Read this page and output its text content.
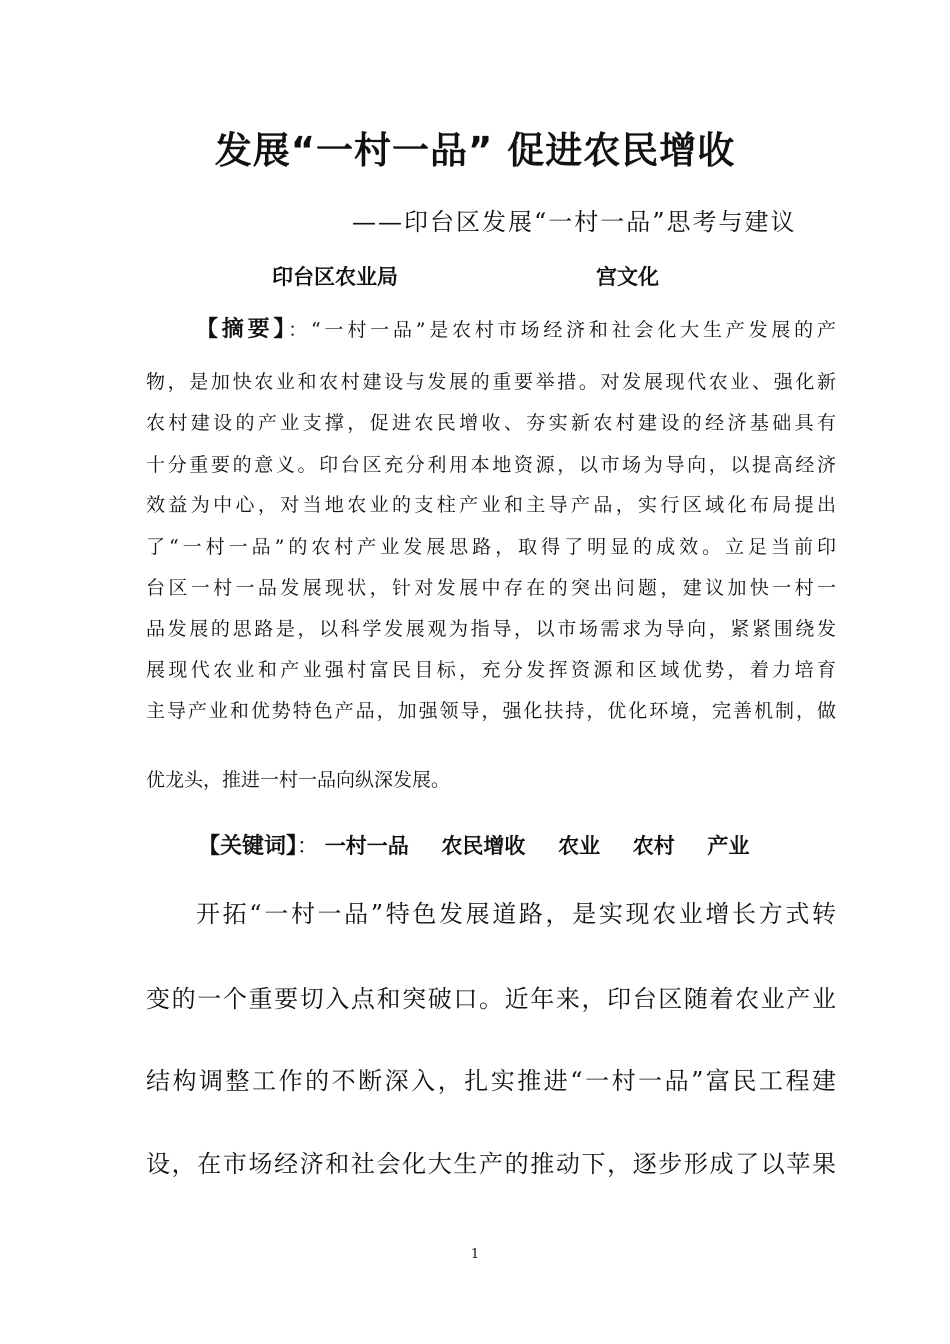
发展“一村一品” 促进农民增收
——印台区发展“一村一品”思考与建议
印台区农业局	宫文化
【摘要】：“一村一品”是农村市场经济和社会化大生产发展的产
物，是加快农业和农村建设与发展的重要举措。对发展现代农业、强化新
农村建设的产业支撑，促进农民增收、夯实新农村建设的经济基础具有
十分重要的意义。印台区充分利用本地资源，以市场为导向，以提高经济
效益为中心，对当地农业的支柱产业和主导产品，实行区域化布局提出
了“一村一品”的农村产业发展思路，取得了明显的成效。立足当前印
台区一村一品发展现状，针对发展中存在的突出问题，建议加快一村一
品发展的思路是，以科学发展观为指导，以市场需求为导向，紧紧围绕发
展现代农业和产业强村富民目标，充分发挥资源和区域优势，着力培育
主导产业和优势特色产品，加强领导，强化扶持，优化环境，完善机制，做
优龙头，推进一村一品向纵深发展。
【关键词】： 一村一品 农民增收 农业 农村 产业
开拓“一村一品”特色发展道路，是实现农业增长方式转
变的一个重要切入点和突破口。近年来，印台区随着农业产业
结构调整工作的不断深入，扎实推进“一村一品”富民工程建
设，在市场经济和社会化大生产的推动下，逐步形成了以苹果
1
